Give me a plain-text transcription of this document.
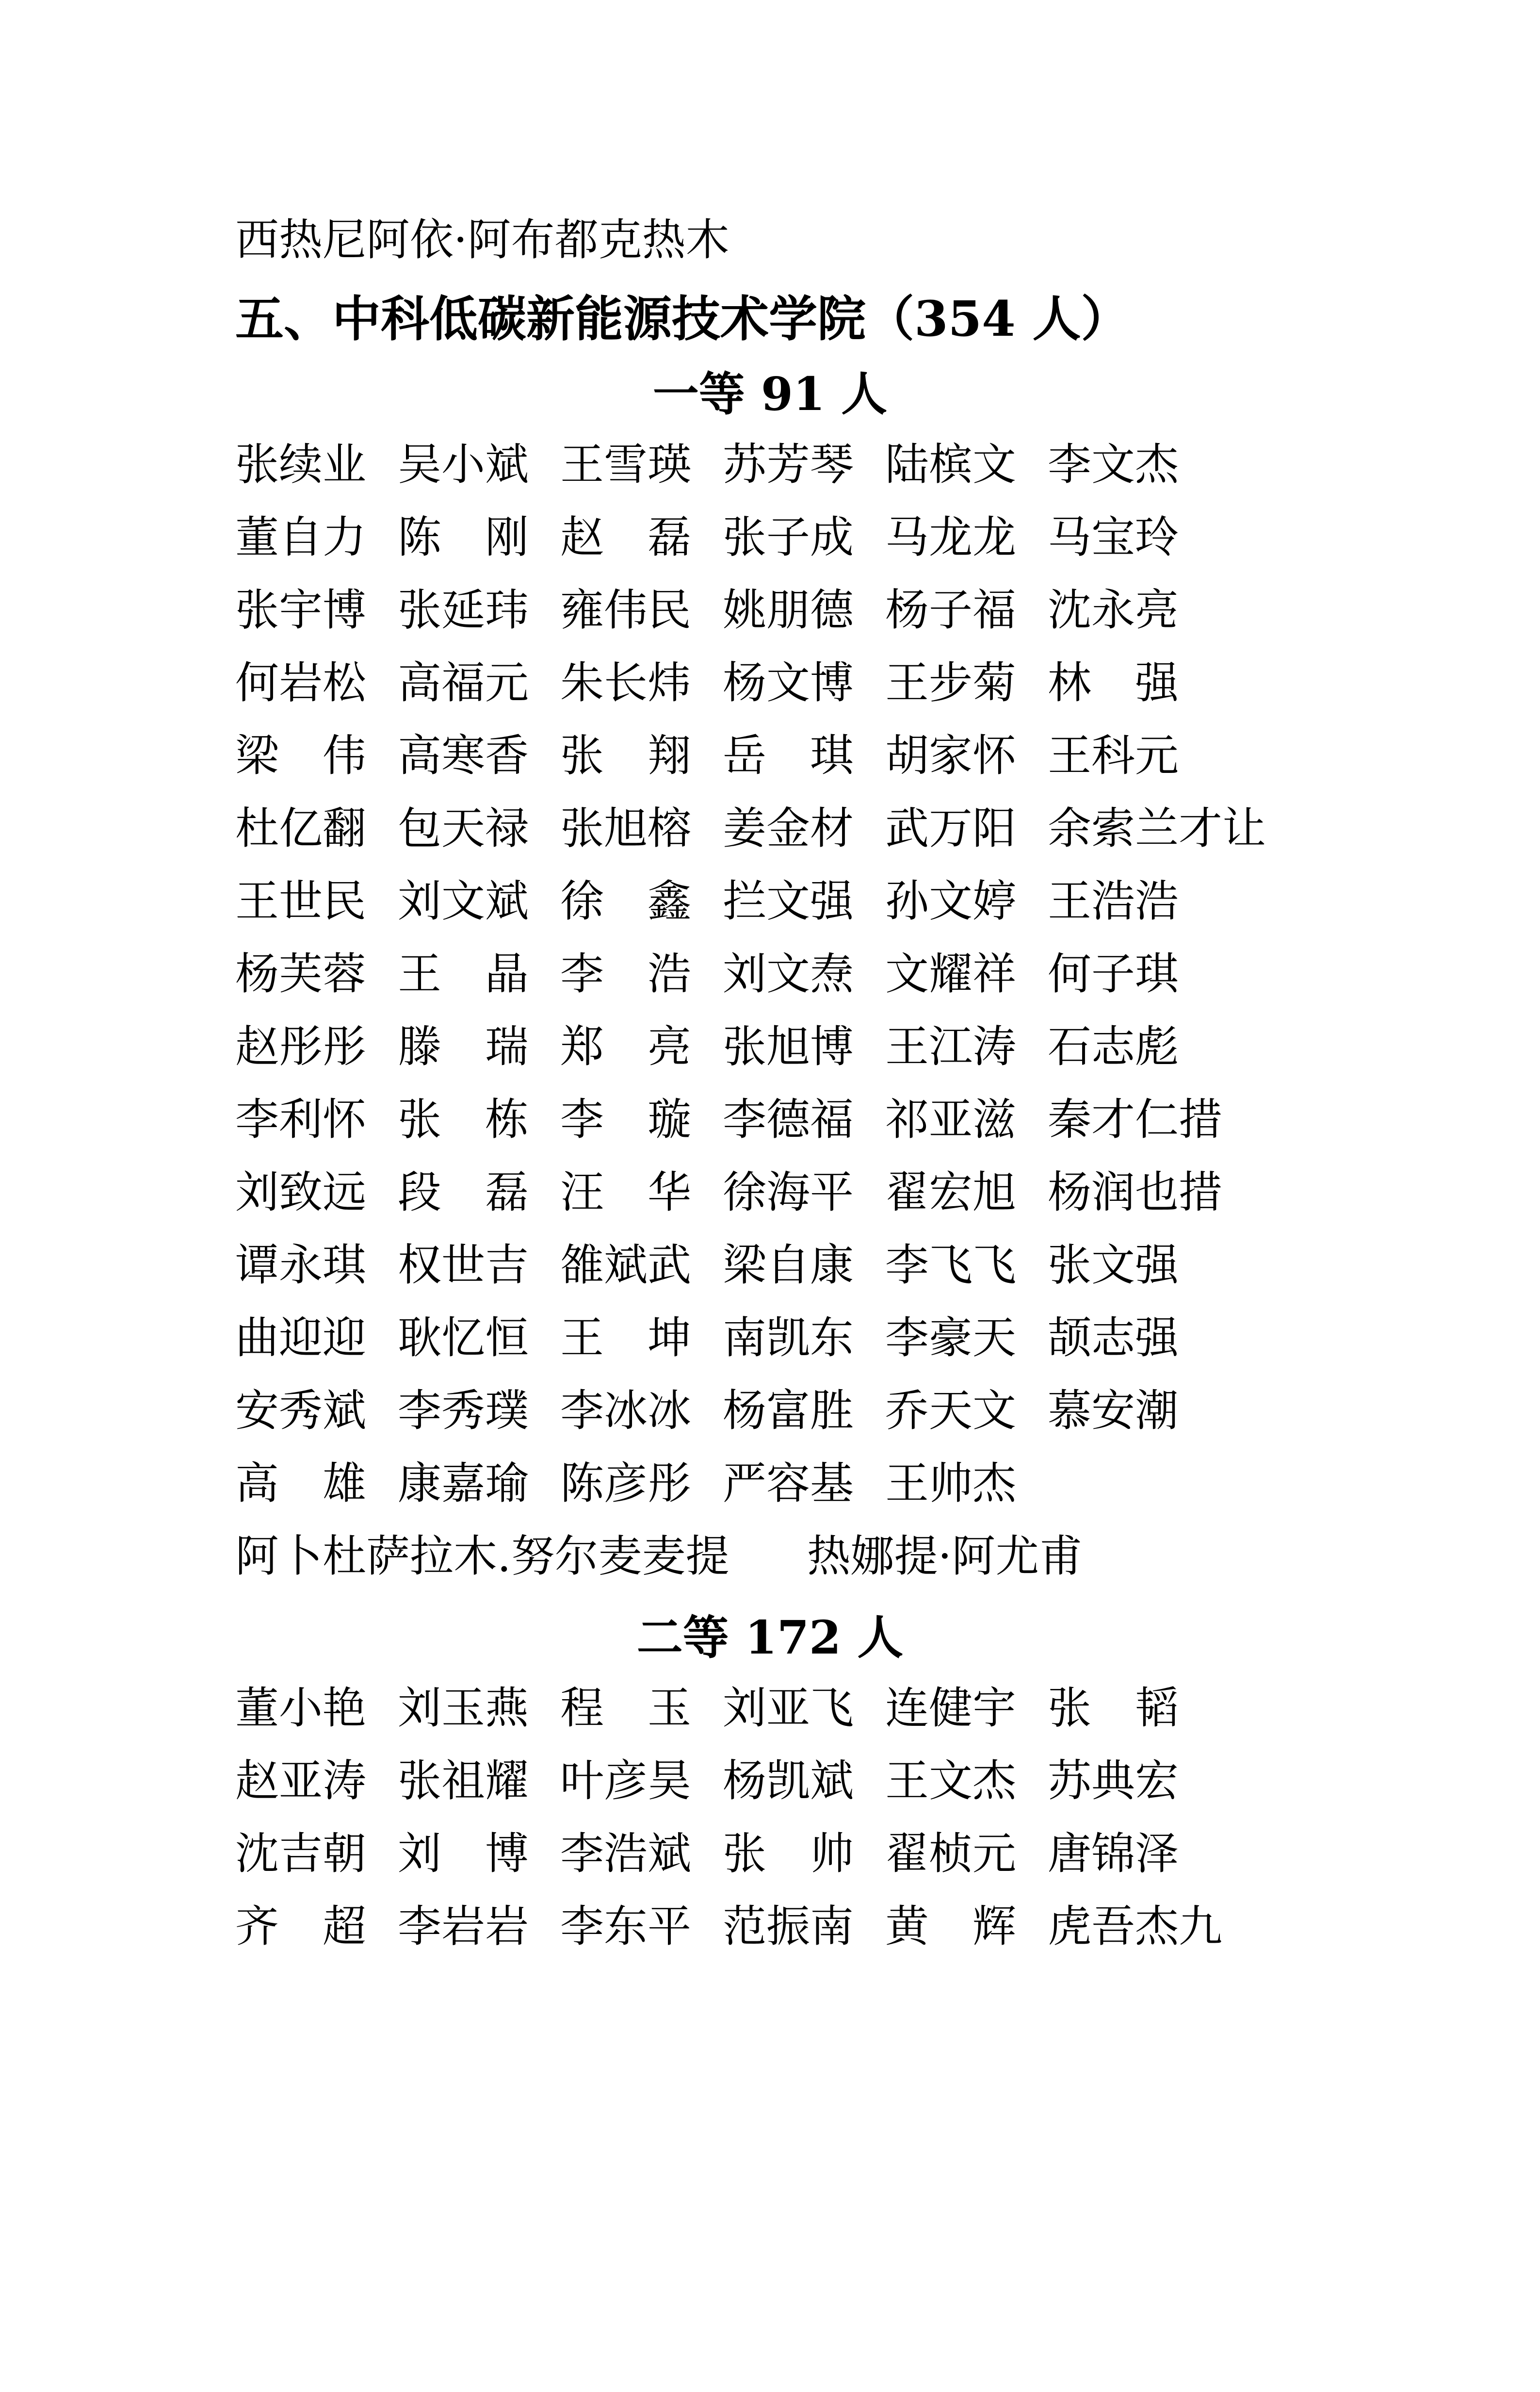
西热尼阿依·阿布都克热木
五、中科低碳新能源技术学院（354 人）
一等 91 人
张续业 吴小斌 王雪瑛 苏芳琴 陆槟文 李文杰
董自力 陈　刚 赵　磊 张子成 马龙龙 马宝玲
张宇博 张延玮 雍伟民 姚朋德 杨子福 沈永亮
何岩松 高福元 朱长炜 杨文博 王步菊 林　强
梁　伟 高寒香 张　翔 岳　琪 胡家怀 王科元
杜亿翻 包天禄 张旭榕 姜金材 武万阳 余索兰才让
王世民 刘文斌 徐　鑫 拦文强 孙文婷 王浩浩
杨芙蓉 王　晶 李　浩 刘文焘 文耀祥 何子琪
赵彤彤 滕　瑞 郑　亮 张旭博 王江涛 石志彪
李利怀 张　栋 李　璇 李德福 祁亚滋 秦才仁措
刘致远 段　磊 汪　华 徐海平 翟宏旭 杨润也措
谭永琪 权世吉 雒斌武 梁自康 李飞飞 张文强
曲迎迎 耿忆恒 王　坤 南凯东 李豪天 颉志强
安秀斌 李秀璞 李冰冰 杨富胜 乔天文 慕安潮
高　雄 康嘉瑜 陈彦彤 严容基 王帅杰
阿卜杜萨拉木.努尔麦麦提 热娜提·阿尤甫
二等 172 人
董小艳 刘玉燕 程　玉 刘亚飞 连健宇 张　韬
赵亚涛 张祖耀 叶彦昊 杨凯斌 王文杰 苏典宏
沈吉朝 刘　博 李浩斌 张　帅 翟桢元 唐锦泽
齐　超 李岩岩 李东平 范振南 黄　辉 虎吾杰九
